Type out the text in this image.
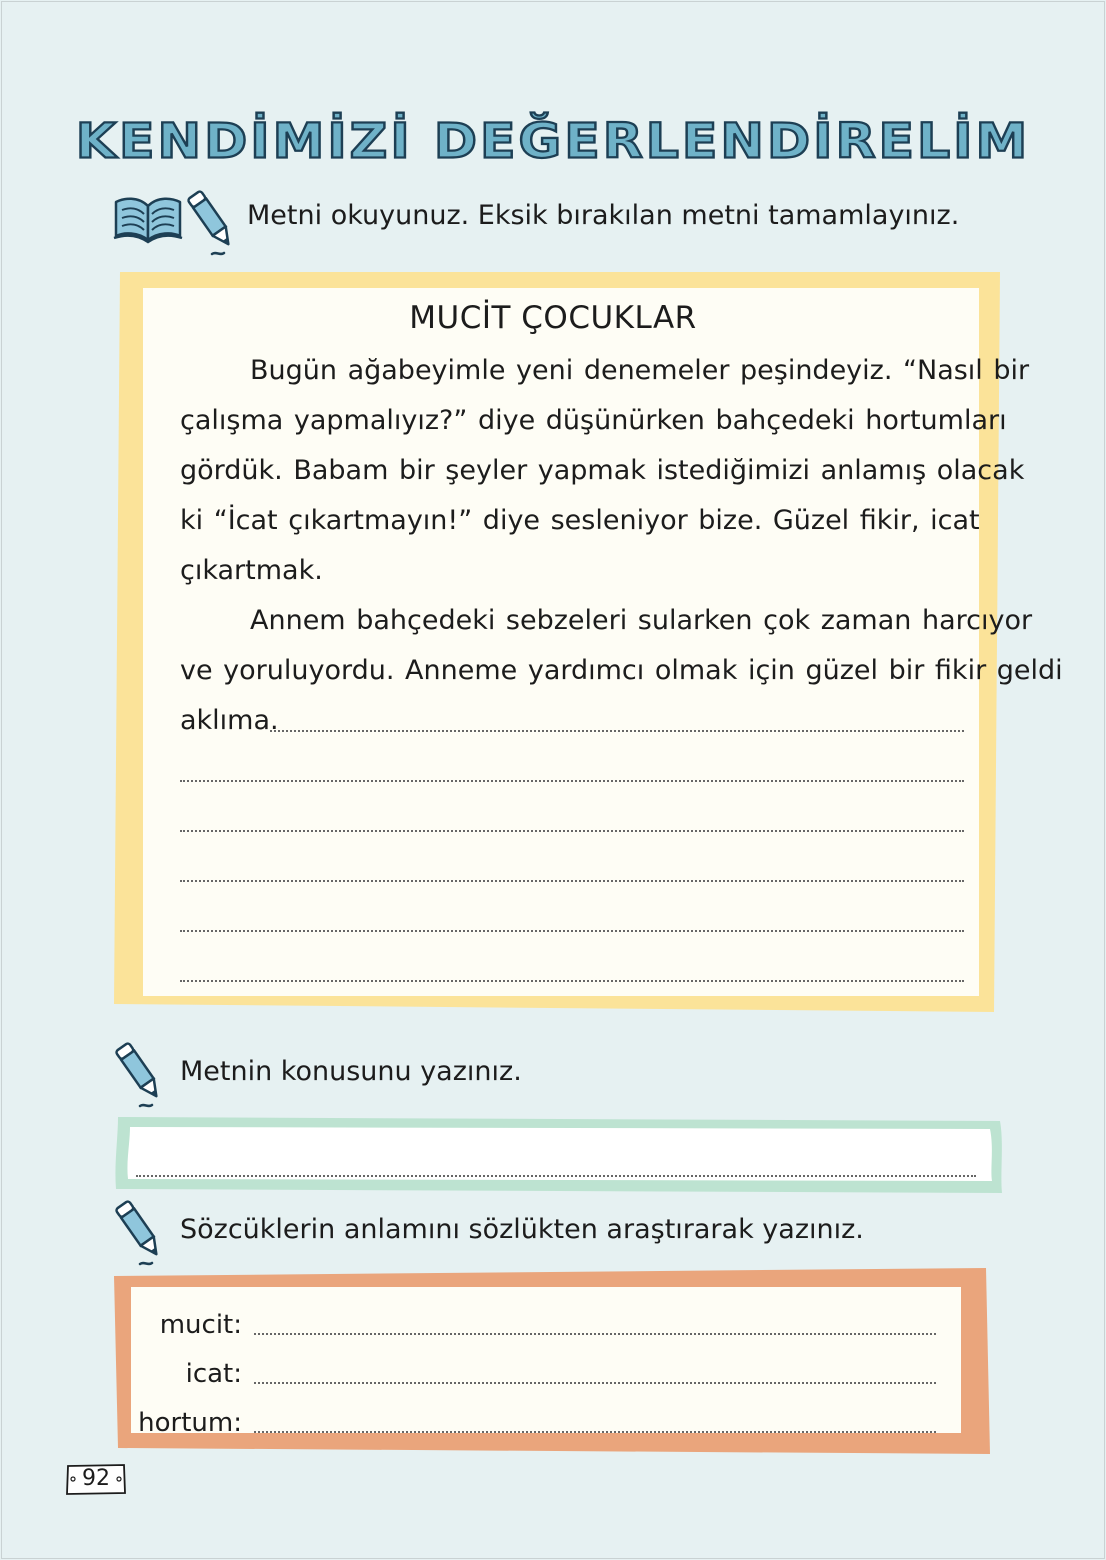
KENDİMİZİ DEĞERLENDİRELİM
Metni okuyunuz. Eksik bırakılan metni tamamlayınız.
MUCİT ÇOCUKLAR
Bugün ağabeyimle yeni denemeler peşindeyiz. “Nasıl bir
çalışma yapmalıyız?” diye düşünürken bahçedeki hortumları
gördük. Babam bir şeyler yapmak istediğimizi anlamış olacak
ki “İcat çıkartmayın!” diye sesleniyor bize. Güzel fikir, icat
çıkartmak.
Annem bahçedeki sebzeleri sularken çok zaman harcıyor
ve yoruluyordu. Anneme yardımcı olmak için güzel bir fikir geldi
aklıma.
Metnin konusunu yazınız.
Sözcüklerin anlamını sözlükten araştırarak yazınız.
mucit:
icat:
hortum:
92
